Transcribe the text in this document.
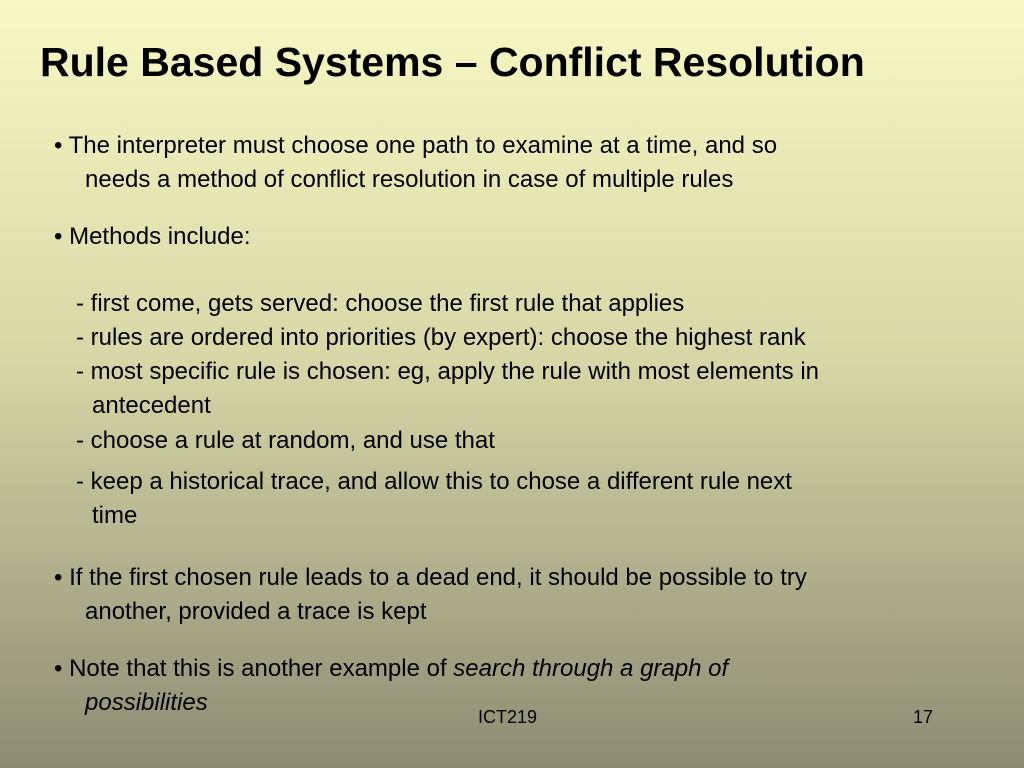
Rule Based Systems – Conflict Resolution
• The interpreter must choose one path to examine at a time, and so
needs a method of conflict resolution in case of multiple rules
• Methods include:
- first come, gets served: choose the first rule that applies
- rules are ordered into priorities (by expert): choose the highest rank
- most specific rule is chosen: eg, apply the rule with most elements in
antecedent
- choose a rule at random, and use that
- keep a historical trace, and allow this to chose a different rule next
time
• If the first chosen rule leads to a dead end, it should be possible to try
another, provided a trace is kept
• Note that this is another example of search through a graph of
possibilities
ICT219	17
